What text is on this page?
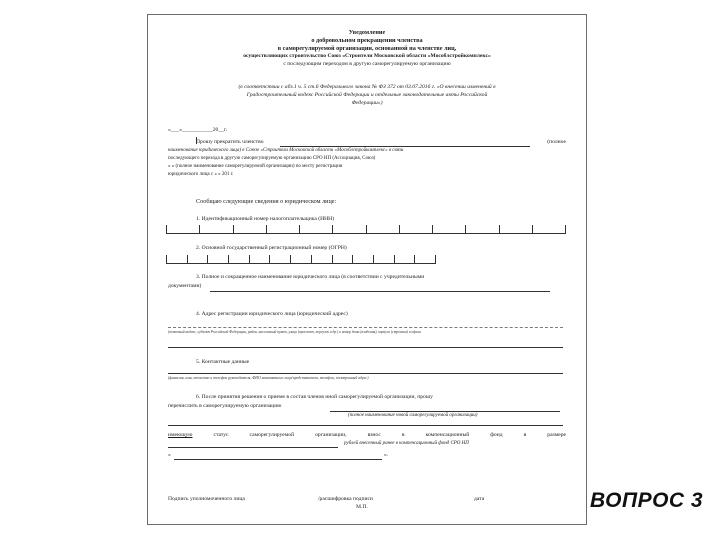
Уведомление
о добровольном прекращении членства
в саморегулируемой организации, основанной на членстве лиц,
осуществляющих строительство Союз «Строители Московской области «Мособлстройкомплекс»
с последующим переходом в другую саморегулируемую организацию
(в соответствии с абз.1 ч. 5 ст.6 Федерального закона № ФЗ 372 от 03.07.2016 г. «О внесении изменений в
Градостроительный кодекс Российской Федерации и отдельные законодательные акты Российской
Федерации»)
«___»___________20__г.
Прошу прекратить членство	(полное
наименование юридического лица) в Союзе «Строители Московской области «Мособлстройкомплекс» в связи
последующего перехода в другую саморегулируемую организацию СРО НП (Ассоциация, Союз)
« » (полное наименование саморегулируемой организации) по месту регистрации
юридического лица с « » 201 г.
Сообщаю следующие сведения о юридическом лице:
1. Идентификационный номер налогоплательщика (ИНН)
2. Основной государственный регистрационный номер (ОГРН)
3. Полное и сокращенное наименование юридического лица (в соответствии с учредительными
документами)
4. Адрес регистрации юридического лица (юридический адрес)
(почтовый индекс, субъект Российской Федерации, район, населенный пункт, улица (проспект, переулок и др.) и номер дома (владения), корпуса (строения) и офиса
5. Контактные данные
(фамилия, имя, отчество и телефон руководителя, ФИО контактного лица/представителя, телефон, электронный адрес)
6. После принятия решения о приеме в состав членов иной саморегулируемой организации, прошу
перечислить в саморегулируемую организацию
(полное наименование новой саморегулируемой организации)
имеющую	статус	саморегулируемой	организации,	взнос	в	компенсационный	фонд	в	размере
рублей внесенный ранее в компенсационный фонд СРО НП
«	».
Подпись уполномоченного лица	/расшифровка подписи	дата
М.П.	ВОПРОС 3
